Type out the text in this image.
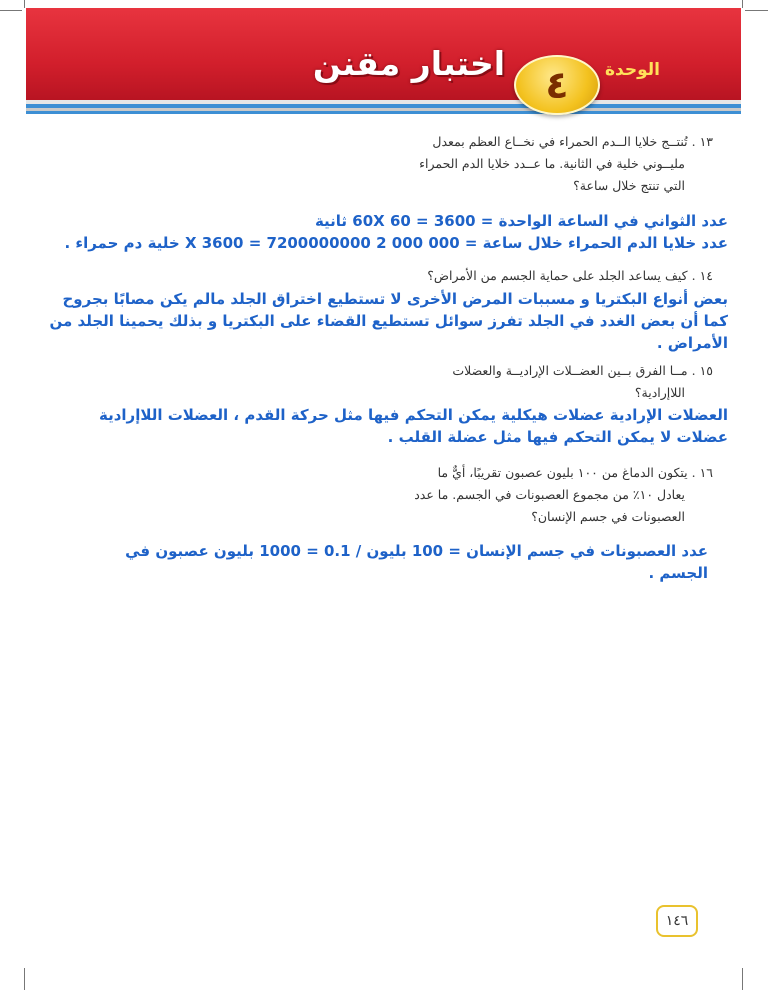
الوحدة
٤
اختبار مقنن
١٣ . تُنتــج خلايا الــدم الحمراء في نخــاع العظم بمعدل
مليــوني خلية في الثانية. ما عــدد خلايا الدم الحمراء
التي تنتج خلال ساعة؟
عدد الثواني في الساعة الواحدة = 60X 60 = 3600 ثانية
عدد خلايا الدم الحمراء خلال ساعة = 000 000 2 X 3600 = 7200000000 خلية دم حمراء .
١٤ . كيف يساعد الجلد على حماية الجسم من الأمراض؟
بعض أنواع البكتريا و مسببات المرض الأخرى لا تستطيع اختراق الجلد مالم يكن مصابًا بجروح
كما أن بعض الغدد في الجلد تفرز سوائل تستطيع القضاء على البكتريا و بذلك يحمينا الجلد من
الأمراض .
١٥ . مــا الفرق بــين العضــلات الإراديــة والعضلات
اللاإرادية؟
العضلات الإرادية عضلات هيكلية يمكن التحكم فيها مثل حركة القدم ، العضلات اللاإرادية
عضلات لا يمكن التحكم فيها مثل عضلة القلب .
١٦ . يتكون الدماغ من ١٠٠ بليون عصبون تقريبًا، أيٌّ ما
يعادل ١٠٪ من مجموع العصبونات في الجسم. ما عدد
العصبونات في جسم الإنسان؟
عدد العصبونات في جسم الإنسان = 100 بليون / 0.1 = 1000 بليون عصبون في
الجسم .
١٤٦
